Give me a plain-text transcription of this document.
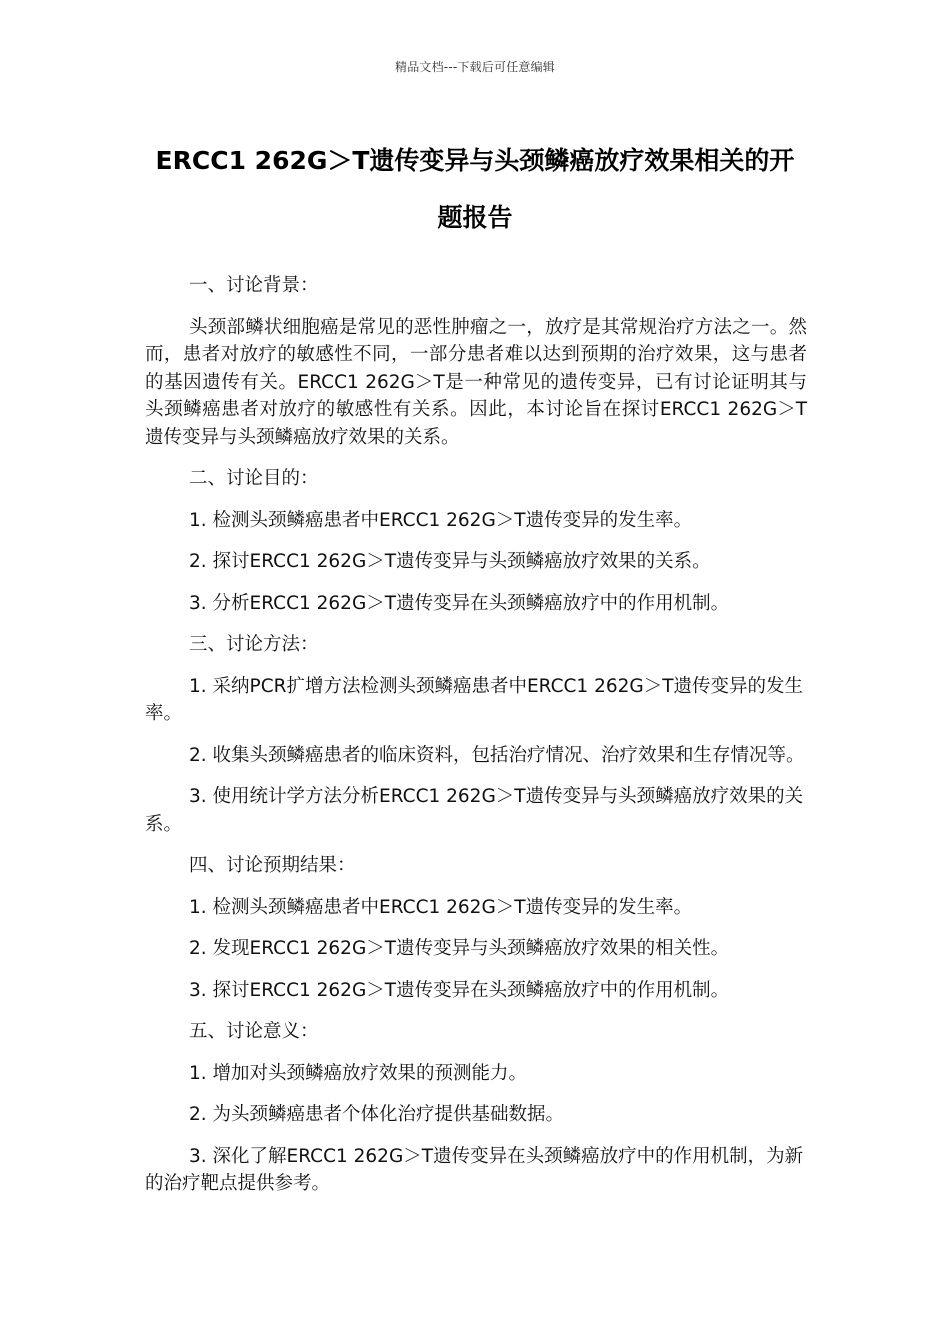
精品文档---下载后可任意编辑
ERCC1 262G＞T遗传变异与头颈鳞癌放疗效果相关的开题报告

一、讨论背景：

头颈部鳞状细胞癌是常见的恶性肿瘤之一，放疗是其常规治疗方法之一。然而，患者对放疗的敏感性不同，一部分患者难以达到预期的治疗效果，这与患者的基因遗传有关。ERCC1 262G＞T是一种常见的遗传变异，已有讨论证明其与头颈鳞癌患者对放疗的敏感性有关系。因此，本讨论旨在探讨ERCC1 262G＞T遗传变异与头颈鳞癌放疗效果的关系。

二、讨论目的：

1. 检测头颈鳞癌患者中ERCC1 262G＞T遗传变异的发生率。

2. 探讨ERCC1 262G＞T遗传变异与头颈鳞癌放疗效果的关系。

3. 分析ERCC1 262G＞T遗传变异在头颈鳞癌放疗中的作用机制。

三、讨论方法：

1. 采纳PCR扩增方法检测头颈鳞癌患者中ERCC1 262G＞T遗传变异的发生率。

2. 收集头颈鳞癌患者的临床资料，包括治疗情况、治疗效果和生存情况等。

3. 使用统计学方法分析ERCC1 262G＞T遗传变异与头颈鳞癌放疗效果的关系。

四、讨论预期结果：

1. 检测头颈鳞癌患者中ERCC1 262G＞T遗传变异的发生率。

2. 发现ERCC1 262G＞T遗传变异与头颈鳞癌放疗效果的相关性。

3. 探讨ERCC1 262G＞T遗传变异在头颈鳞癌放疗中的作用机制。

五、讨论意义：

1. 增加对头颈鳞癌放疗效果的预测能力。

2. 为头颈鳞癌患者个体化治疗提供基础数据。

3. 深化了解ERCC1 262G＞T遗传变异在头颈鳞癌放疗中的作用机制，为新的治疗靶点提供参考。
